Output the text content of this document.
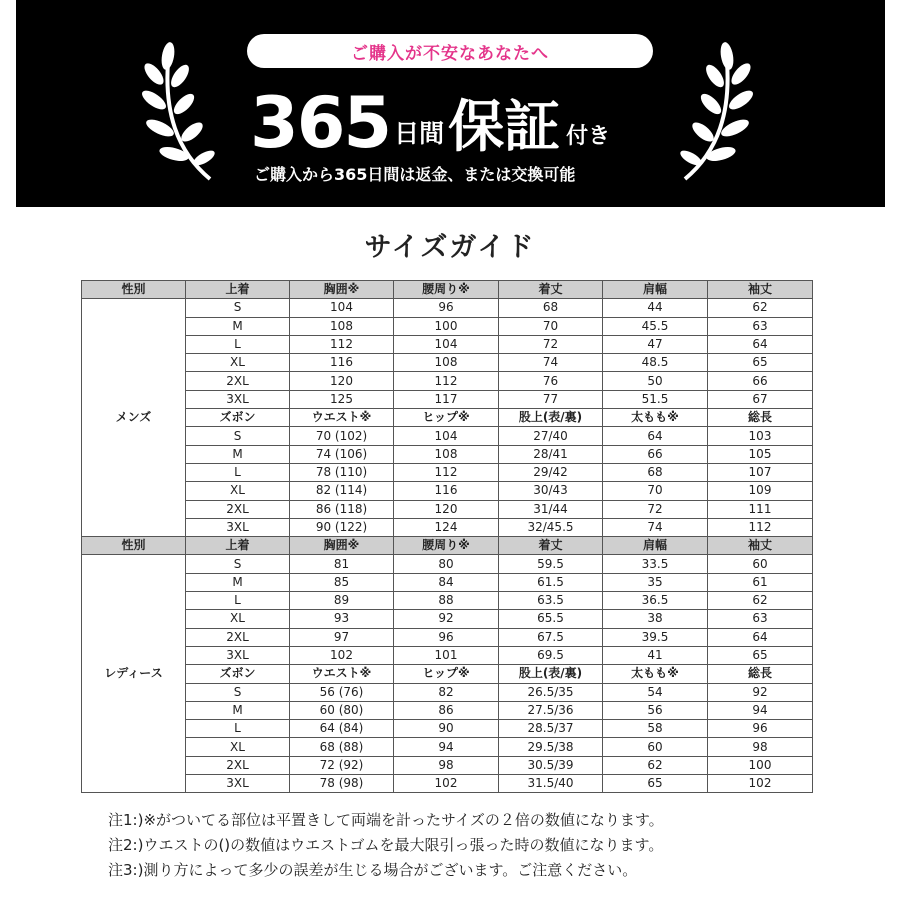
ご購入が不安なあなたへ
365 日間 保証 付き
ご購入から365日間は返金、または交換可能
サイズガイド
性別	上着	胸囲※	腰周り※	着丈	肩幅	袖丈
メンズ	S	104	96	68	44	62
	M	108	100	70	45.5	63
	L	112	104	72	47	64
	XL	116	108	74	48.5	65
	2XL	120	112	76	50	66
	3XL	125	117	77	51.5	67
	ズボン	ウエスト※	ヒップ※	股上(表/裏)	太もも※	総長
	S	70 (102)	104	27/40	64	103
	M	74 (106)	108	28/41	66	105
	L	78 (110)	112	29/42	68	107
	XL	82 (114)	116	30/43	70	109
	2XL	86 (118)	120	31/44	72	111
	3XL	90 (122)	124	32/45.5	74	112
性別	上着	胸囲※	腰周り※	着丈	肩幅	袖丈
レディース	S	81	80	59.5	33.5	60
	M	85	84	61.5	35	61
	L	89	88	63.5	36.5	62
	XL	93	92	65.5	38	63
	2XL	97	96	67.5	39.5	64
	3XL	102	101	69.5	41	65
	ズボン	ウエスト※	ヒップ※	股上(表/裏)	太もも※	総長
	S	56 (76)	82	26.5/35	54	92
	M	60 (80)	86	27.5/36	56	94
	L	64 (84)	90	28.5/37	58	96
	XL	68 (88)	94	29.5/38	60	98
	2XL	72 (92)	98	30.5/39	62	100
	3XL	78 (98)	102	31.5/40	65	102
注1:)※がついてる部位は平置きして両端を計ったサイズの２倍の数値になります。
注2:)ウエストの()の数値はウエストゴムを最大限引っ張った時の数値になります。
注3:)測り方によって多少の誤差が生じる場合がございます。ご注意ください。
